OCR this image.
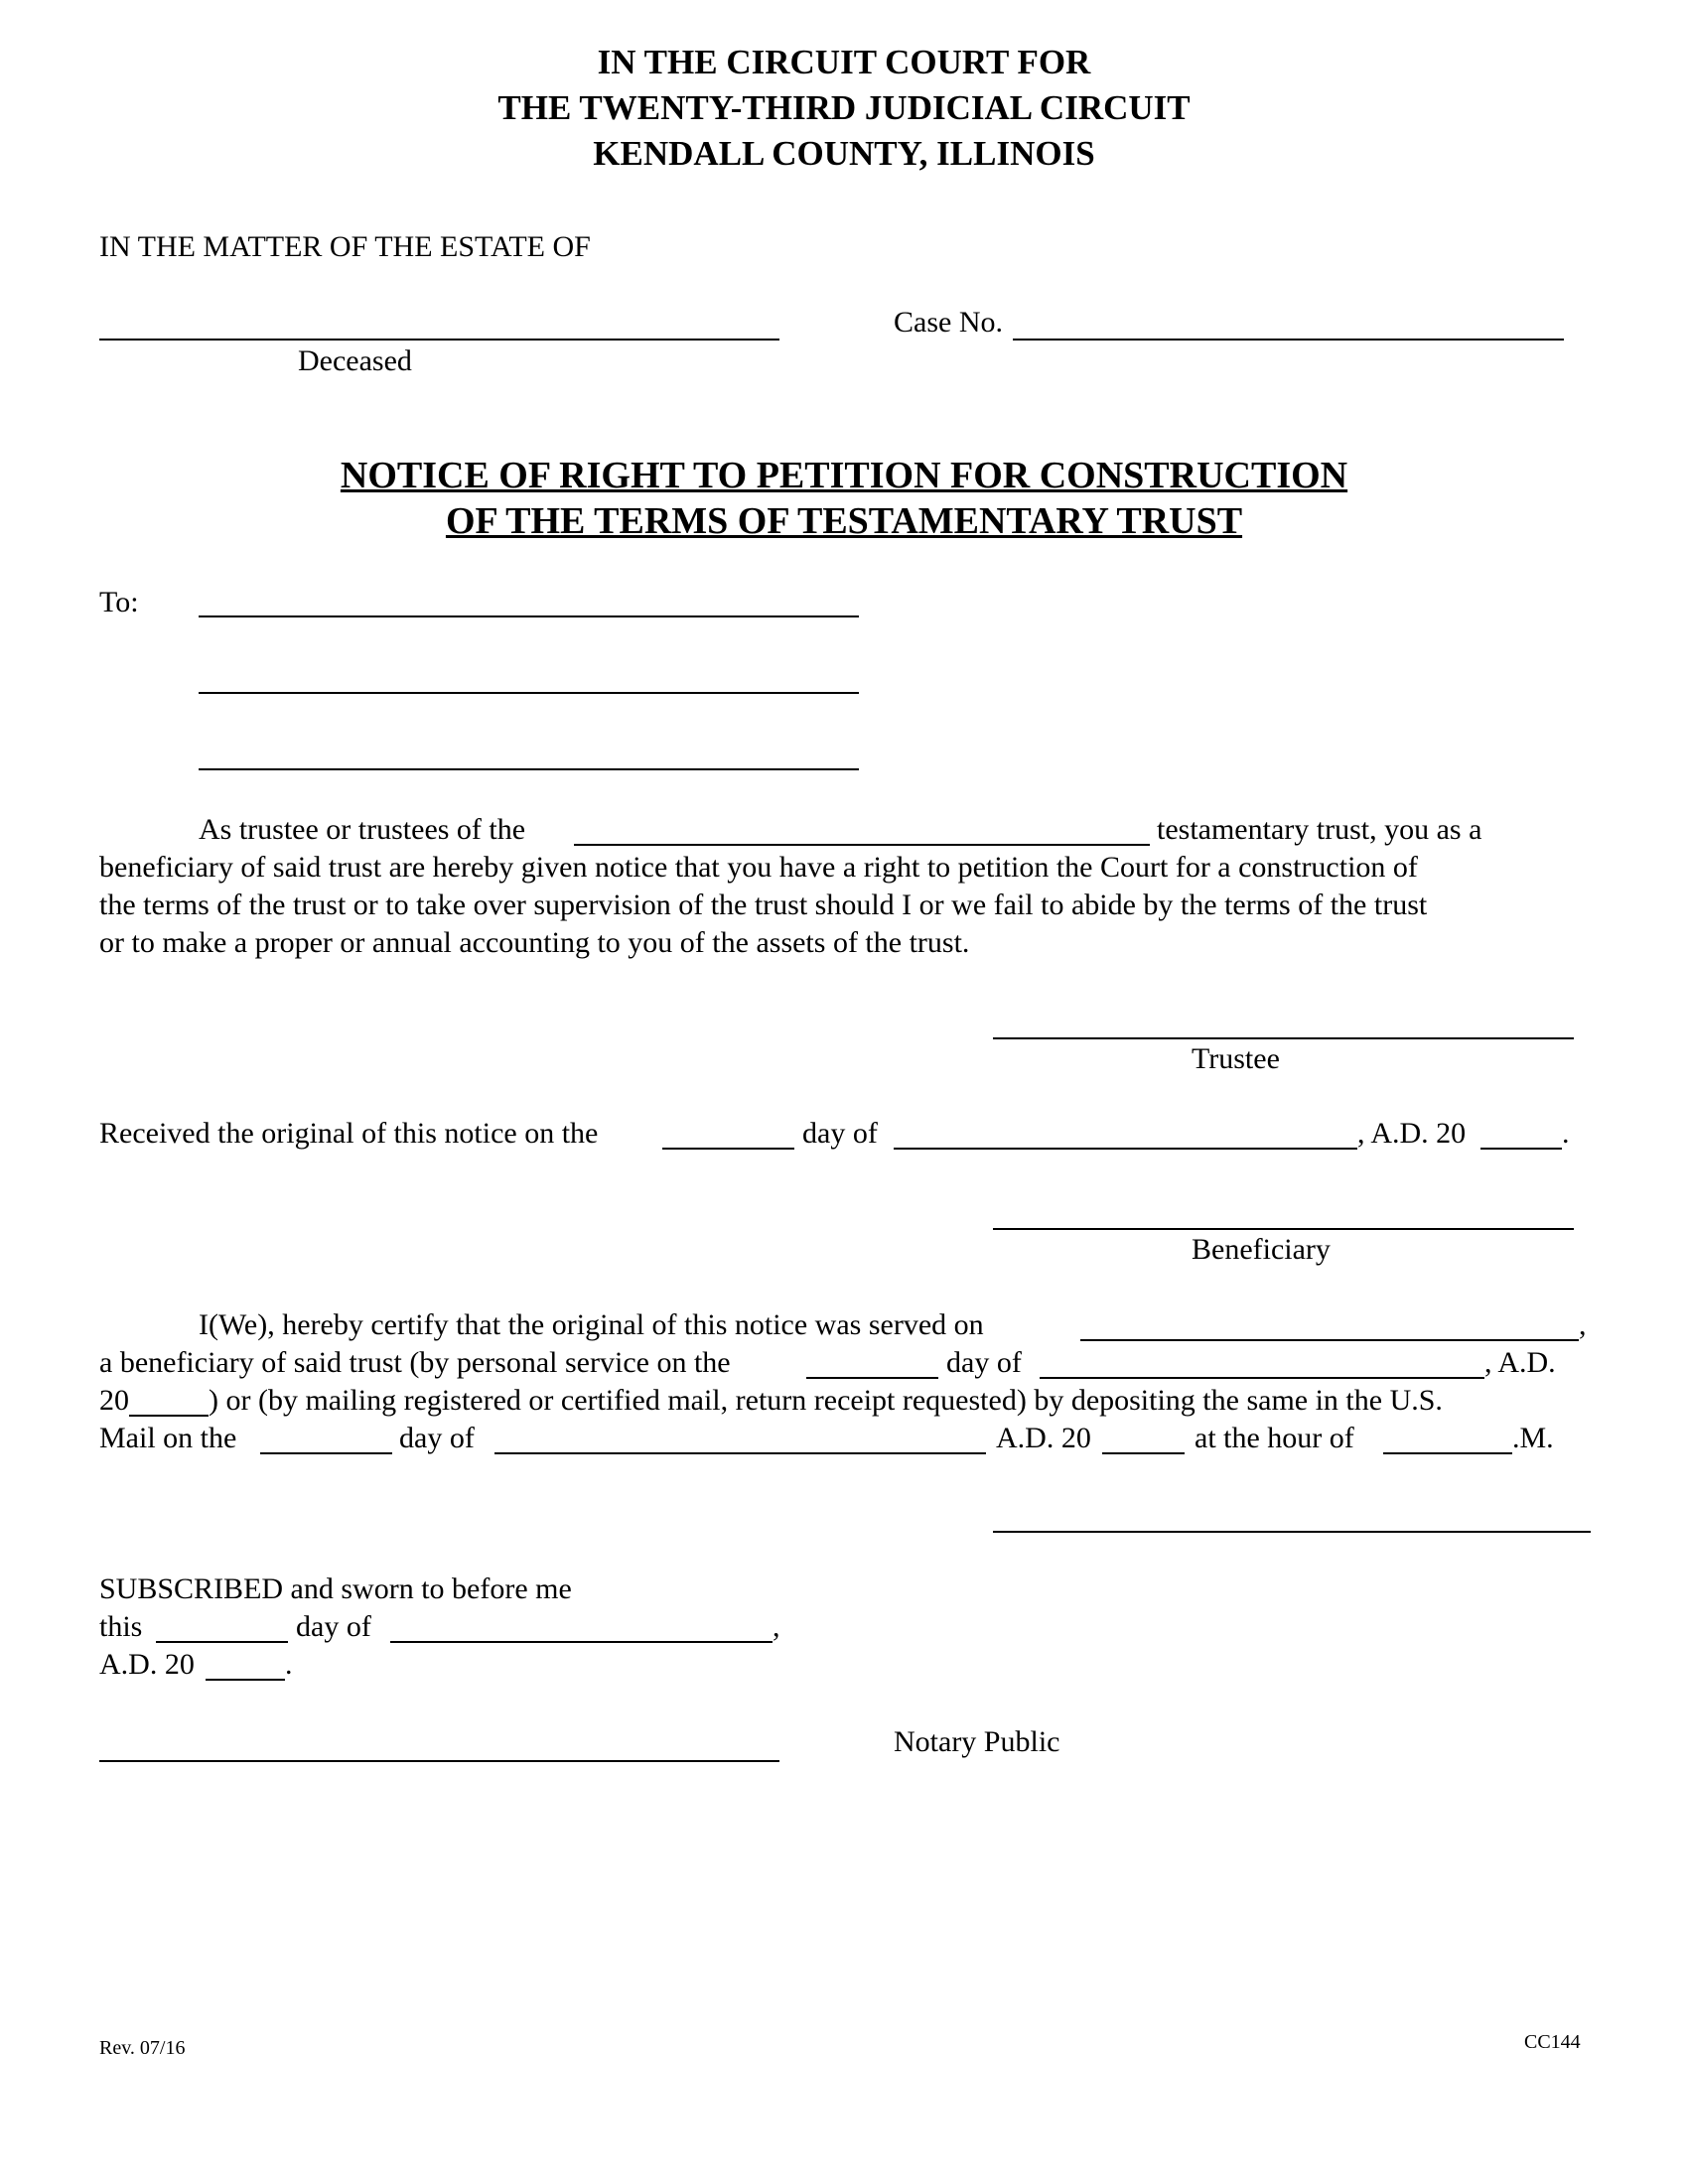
IN THE CIRCUIT COURT FOR
THE TWENTY-THIRD JUDICIAL CIRCUIT
KENDALL COUNTY, ILLINOIS
IN THE MATTER OF THE ESTATE OF
Deceased
Case No.
NOTICE OF RIGHT TO PETITION FOR CONSTRUCTION
OF THE TERMS OF TESTAMENTARY TRUST
To:
As trustee or trustees of the	testamentary trust, you as a
beneficiary of said trust are hereby given notice that you have a right to petition the Court for a construction of
the terms of the trust or to take over supervision of the trust should I or we fail to abide by the terms of the trust
or to make a proper or annual accounting to you of the assets of the trust.
Trustee
Received the original of this notice on the	day of	, A.D. 20	.
Beneficiary
I(We), hereby certify that the original of this notice was served on	,
a beneficiary of said trust (by personal service on the	day of	, A.D.
20	) or (by mailing registered or certified mail, return receipt requested) by depositing the same in the U.S.
Mail on the	day of	A.D. 20	at the hour of	.M.
SUBSCRIBED and sworn to before me
this	day of	,
A.D. 20	.
Notary Public
Rev. 07/16	CC144
